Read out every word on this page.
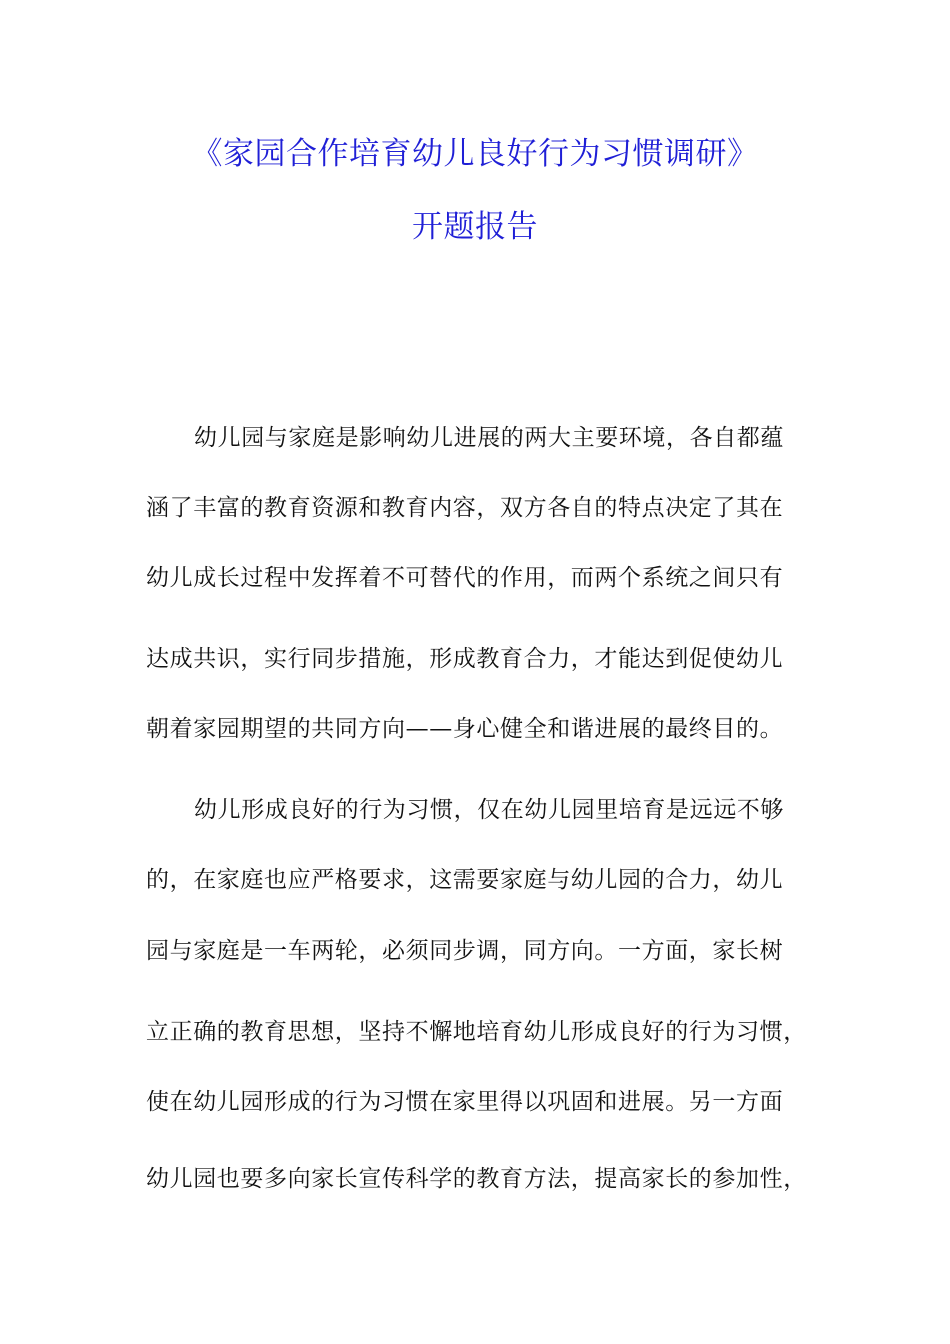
《家园合作培育幼儿良好行为习惯调研》
开题报告
幼儿园与家庭是影响幼儿进展的两大主要环境，各自都蕴
涵了丰富的教育资源和教育内容，双方各自的特点决定了其在
幼儿成长过程中发挥着不可替代的作用，而两个系统之间只有
达成共识，实行同步措施，形成教育合力，才能达到促使幼儿
朝着家园期望的共同方向——身心健全和谐进展的最终目的。
幼儿形成良好的行为习惯，仅在幼儿园里培育是远远不够
的，在家庭也应严格要求，这需要家庭与幼儿园的合力，幼儿
园与家庭是一车两轮，必须同步调，同方向。一方面，家长树
立正确的教育思想，坚持不懈地培育幼儿形成良好的行为习惯，
使在幼儿园形成的行为习惯在家里得以巩固和进展。另一方面
幼儿园也要多向家长宣传科学的教育方法，提高家长的参加性，
